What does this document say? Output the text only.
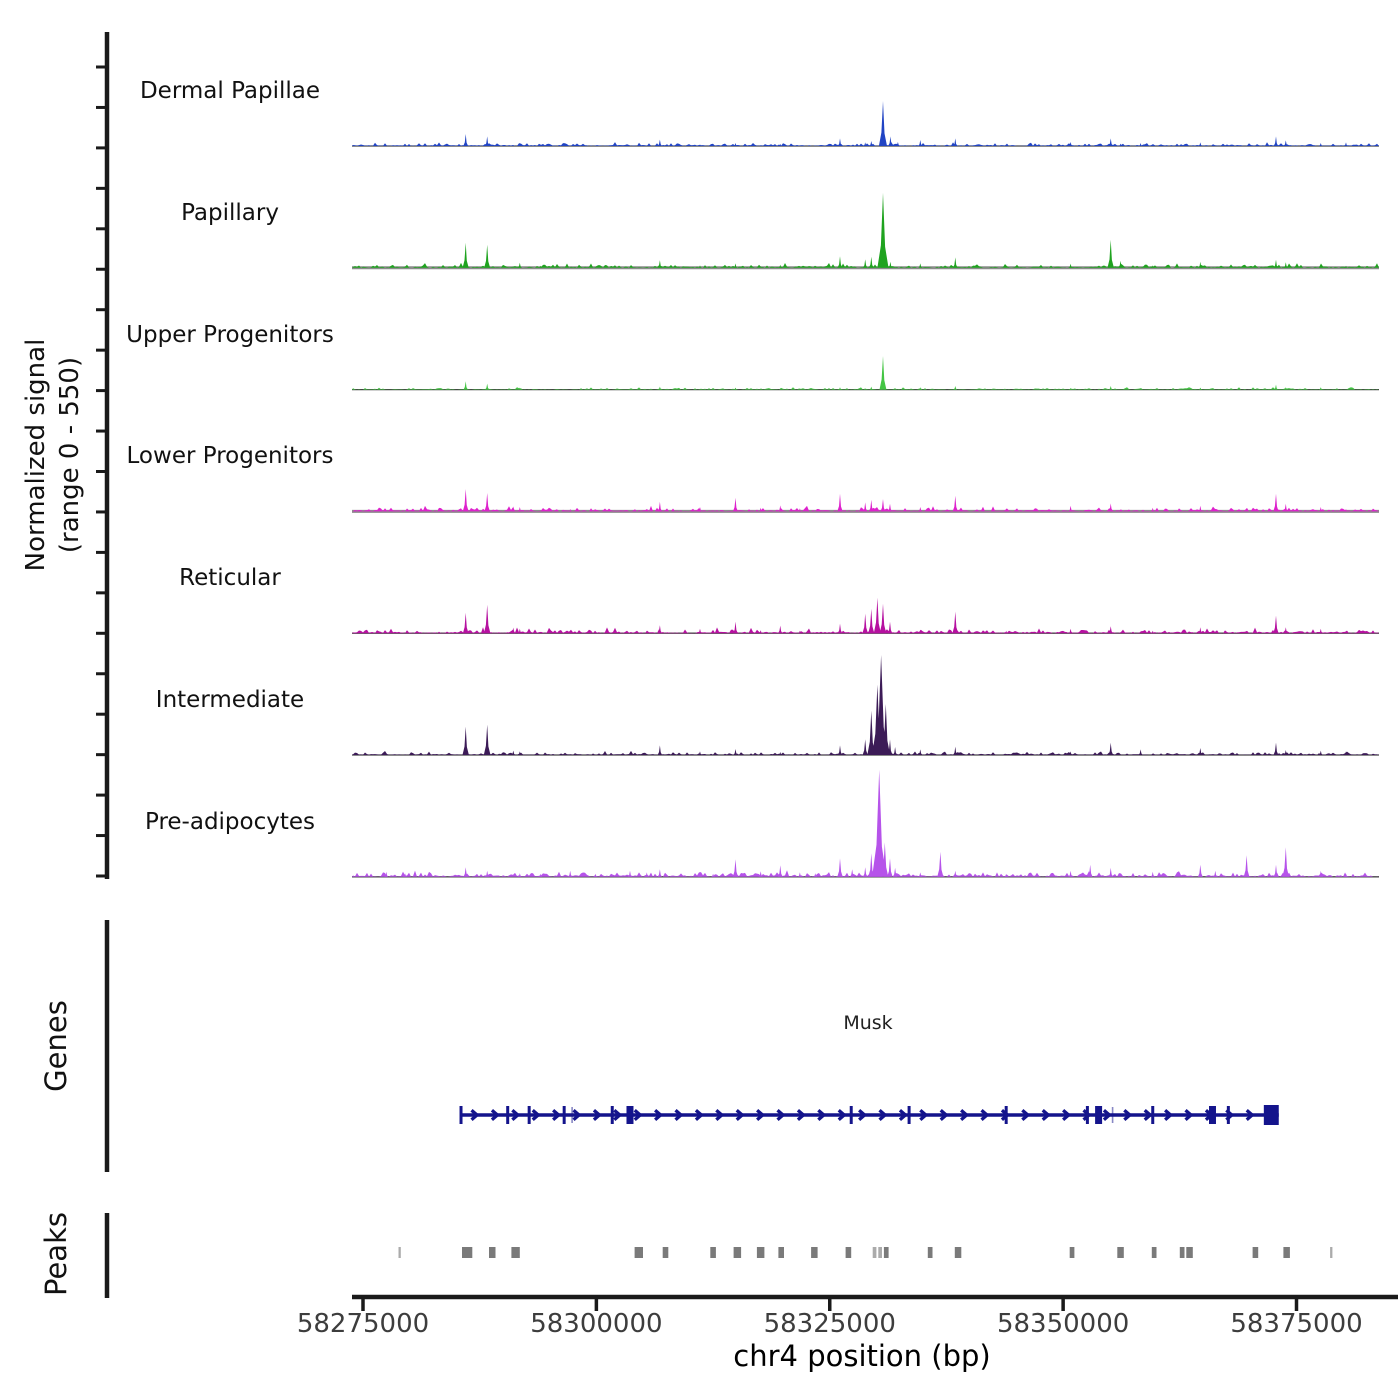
Normalized signal (range 0 - 550)
Genes
Peaks
Musk
chr4 position (bp)
Dermal Papillae
Papillary
Upper Progenitors
Lower Progenitors
Reticular
Intermediate
Pre-adipocytes
58275000	58300000	58325000	58350000	58375000
